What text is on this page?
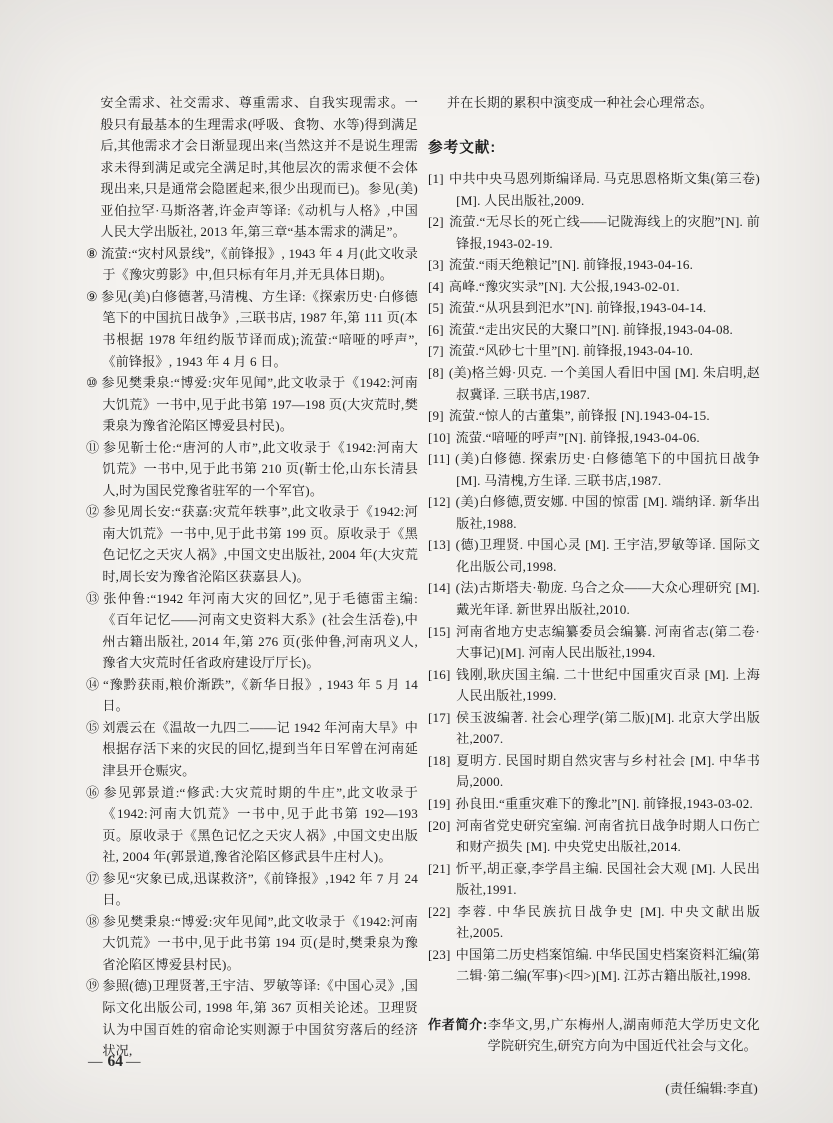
安全需求、社交需求、尊重需求、自我实现需求。一般只有最基本的生理需求(呼吸、食物、水等)得到满足后,其他需求才会日渐显现出来(当然这并不是说生理需求未得到满足或完全满足时,其他层次的需求便不会体现出来,只是通常会隐匿起来,很少出现而已)。参见(美)亚伯拉罕·马斯洛著,许金声等译:《动机与人格》,中国人民大学出版社, 2013 年,第三章“基本需求的满足”。
⑧ 流萤:“灾村风景线”,《前锋报》, 1943 年 4 月(此文收录于《豫灾剪影》中,但只标有年月,并无具体日期)。
⑨ 参见(美)白修德著,马清槐、方生译:《探索历史·白修德笔下的中国抗日战争》,三联书店, 1987 年,第 111 页(本书根据 1978 年纽约版节译而成);流萤:“喑哑的呼声”,《前锋报》, 1943 年 4 月 6 日。
⑩ 参见樊秉泉:“博爱:灾年见闻”,此文收录于《1942:河南大饥荒》一书中,见于此书第 197—198 页(大灾荒时,樊秉泉为豫省沦陷区博爱县村民)。
⑪ 参见靳士伦:“唐河的人市”,此文收录于《1942:河南大饥荒》一书中,见于此书第 210 页(靳士伦,山东长清县人,时为国民党豫省驻军的一个军官)。
⑫ 参见周长安:“获嘉:灾荒年轶事”,此文收录于《1942:河南大饥荒》一书中,见于此书第 199 页。原收录于《黑色记忆之天灾人祸》,中国文史出版社, 2004 年(大灾荒时,周长安为豫省沦陷区获嘉县人)。
⑬ 张仲鲁:“1942 年河南大灾的回忆”,见于毛德雷主编:《百年记忆——河南文史资料大系》(社会生活卷),中州古籍出版社, 2014 年,第 276 页(张仲鲁,河南巩义人,豫省大灾荒时任省政府建设厅厅长)。
⑭ “豫黔获雨,粮价渐跌”,《新华日报》, 1943 年 5 月 14 日。
⑮ 刘震云在《温故一九四二——记 1942 年河南大旱》中根据存活下来的灾民的回忆,提到当年日军曾在河南延津县开仓赈灾。
⑯ 参见郭景道:“修武:大灾荒时期的牛庄”,此文收录于《1942:河南大饥荒》一书中,见于此书第 192—193 页。原收录于《黑色记忆之天灾人祸》,中国文史出版社, 2004 年(郭景道,豫省沦陷区修武县牛庄村人)。
⑰ 参见“灾象已成,迅谋救济”,《前锋报》,1942 年 7 月 24 日。
⑱ 参见樊秉泉:“博爱:灾年见闻”,此文收录于《1942:河南大饥荒》一书中,见于此书第 194 页(是时,樊秉泉为豫省沦陷区博爱县村民)。
⑲ 参照(德)卫理贤著,王宇洁、罗敏等译:《中国心灵》,国际文化出版公司, 1998 年,第 367 页相关论述。卫理贤认为中国百姓的宿命论实则源于中国贫穷落后的经济状况,
并在长期的累积中演变成一种社会心理常态。
参考文献:
[1] 中共中央马恩列斯编译局. 马克思恩格斯文集(第三卷)[M]. 人民出版社,2009.
[2] 流萤.“无尽长的死亡线——记陇海线上的灾胞”[N]. 前锋报,1943-02-19.
[3] 流萤.“雨天绝粮记”[N]. 前锋报,1943-04-16.
[4] 高峰.“豫灾实录”[N]. 大公报,1943-02-01.
[5] 流萤.“从巩县到汜水”[N]. 前锋报,1943-04-14.
[6] 流萤.“走出灾民的大聚口”[N]. 前锋报,1943-04-08.
[7] 流萤.“风砂七十里”[N]. 前锋报,1943-04-10.
[8] (美)格兰姆·贝克. 一个美国人看旧中国 [M]. 朱启明,赵叔冀译. 三联书店,1987.
[9] 流萤.“惊人的古董集”, 前锋报 [N].1943-04-15.
[10] 流萤.“喑哑的呼声”[N]. 前锋报,1943-04-06.
[11] (美)白修德. 探索历史·白修德笔下的中国抗日战争 [M]. 马清槐,方生译. 三联书店,1987.
[12] (美)白修德,贾安娜. 中国的惊雷 [M]. 端纳译. 新华出版社,1988.
[13] (德)卫理贤. 中国心灵 [M]. 王宇洁,罗敏等译. 国际文化出版公司,1998.
[14] (法)古斯塔夫·勒庞. 乌合之众——大众心理研究 [M]. 戴光年译. 新世界出版社,2010.
[15] 河南省地方史志编纂委员会编纂. 河南省志(第二卷·大事记)[M]. 河南人民出版社,1994.
[16] 钱刚,耿庆国主编. 二十世纪中国重灾百录 [M]. 上海人民出版社,1999.
[17] 侯玉波编著. 社会心理学(第二版)[M]. 北京大学出版社,2007.
[18] 夏明方. 民国时期自然灾害与乡村社会 [M]. 中华书局,2000.
[19] 孙良田.“重重灾难下的豫北”[N]. 前锋报,1943-03-02.
[20] 河南省党史研究室编. 河南省抗日战争时期人口伤亡和财产损失 [M]. 中央党史出版社,2014.
[21] 忻平,胡正豪,李学昌主编. 民国社会大观 [M]. 人民出版社,1991.
[22] 李蓉. 中华民族抗日战争史 [M]. 中央文献出版社,2005.
[23] 中国第二历史档案馆编. 中华民国史档案资料汇编(第二辑·第二编(军事)<四>)[M]. 江苏古籍出版社,1998.
作者简介:李华文,男,广东梅州人,湖南师范大学历史文化学院研究生,研究方向为中国近代社会与文化。
(责任编辑:李直)
— 64 —
